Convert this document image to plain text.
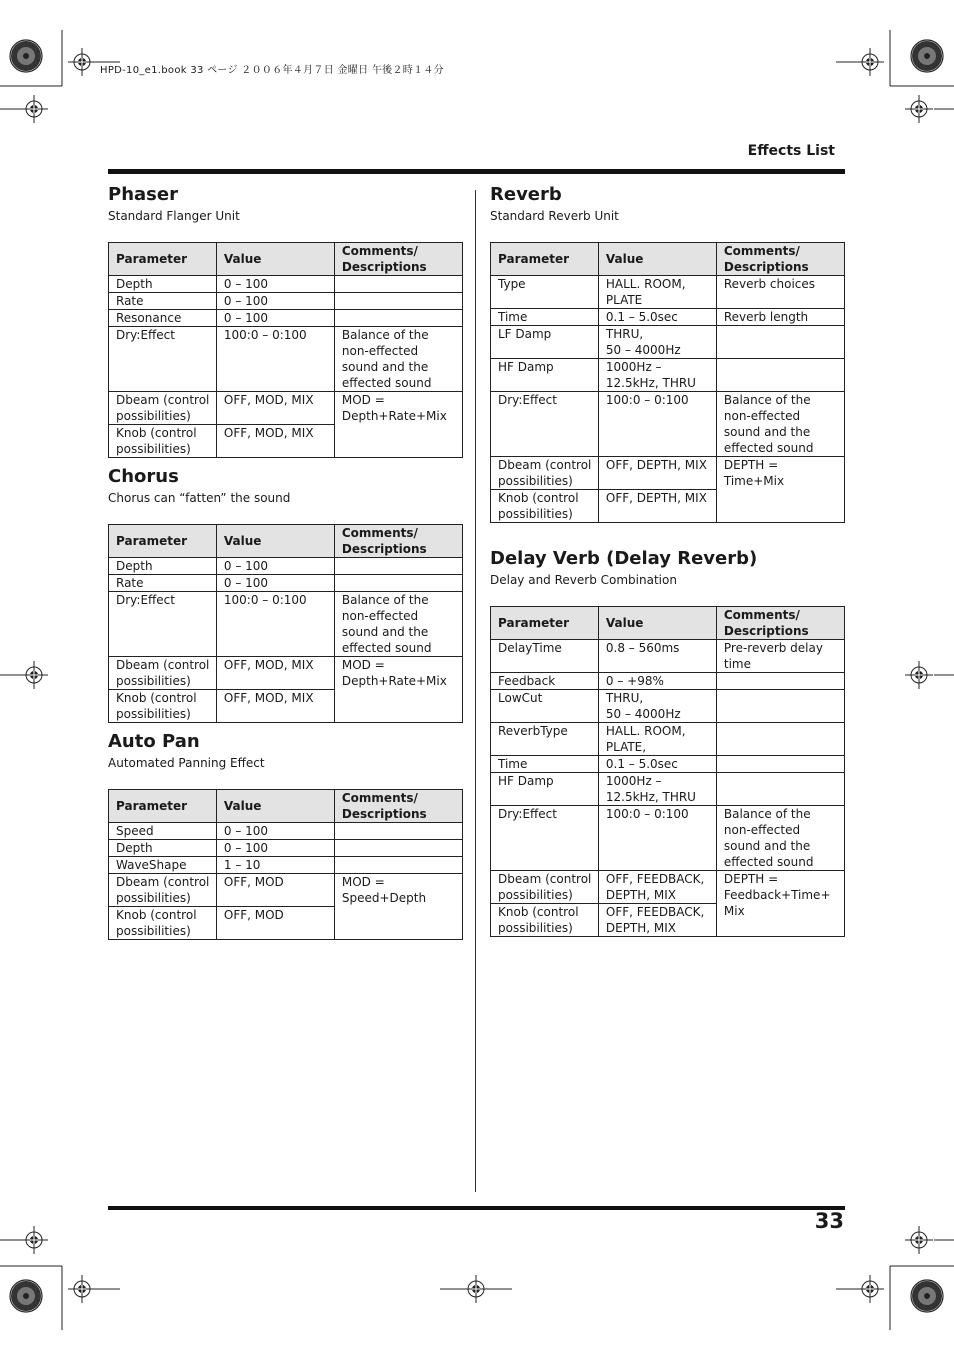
HPD-10_e1.book 33 ページ ２００６年４月７日 金曜日 午後２時１４分
Effects List
33
Phaser

Standard Flanger Unit

Parameter	Value	Comments/ Descriptions
Depth	0 – 100	
Rate	0 – 100	
Resonance	0 – 100	
Dry:Effect	100:0 – 0:100	Balance of the non-effected sound and the effected sound
Dbeam (control possibilities)	OFF, MOD, MIX	MOD = Depth+Rate+Mix
Knob (control possibilities)	OFF, MOD, MIX	
Chorus

Chorus can “fatten” the sound

Parameter	Value	Comments/ Descriptions
Depth	0 – 100	
Rate	0 – 100	
Dry:Effect	100:0 – 0:100	Balance of the non-effected sound and the effected sound
Dbeam (control possibilities)	OFF, MOD, MIX	MOD = Depth+Rate+Mix
Knob (control possibilities)	OFF, MOD, MIX	
Auto Pan

Automated Panning Effect

Parameter	Value	Comments/ Descriptions
Speed	0 – 100	
Depth	0 – 100	
WaveShape	1 – 10	
Dbeam (control possibilities)	OFF, MOD	MOD = Speed+Depth
Knob (control possibilities)	OFF, MOD	
Reverb

Standard Reverb Unit

Parameter	Value	Comments/ Descriptions
Type	HALL. ROOM, PLATE	Reverb choices
Time	0.1 – 5.0sec	Reverb length
LF Damp	THRU,
50 – 4000Hz	
HF Damp	1000Hz –
12.5kHz, THRU	
Dry:Effect	100:0 – 0:100	Balance of the non-effected sound and the effected sound
Dbeam (control possibilities)	OFF, DEPTH, MIX	DEPTH = Time+Mix
Knob (control possibilities)	OFF, DEPTH, MIX	
Delay Verb (Delay Reverb)

Delay and Reverb Combination

Parameter	Value	Comments/ Descriptions
DelayTime	0.8 – 560ms	Pre-reverb delay time
Feedback	0 – +98%	
LowCut	THRU,
50 – 4000Hz	
ReverbType	HALL. ROOM, PLATE,	
Time	0.1 – 5.0sec	
HF Damp	1000Hz –
12.5kHz, THRU	
Dry:Effect	100:0 – 0:100	Balance of the non-effected sound and the effected sound
Dbeam (control possibilities)	OFF, FEEDBACK, DEPTH, MIX	DEPTH = Feedback+Time+ Mix
Knob (control possibilities)	OFF, FEEDBACK, DEPTH, MIX	
